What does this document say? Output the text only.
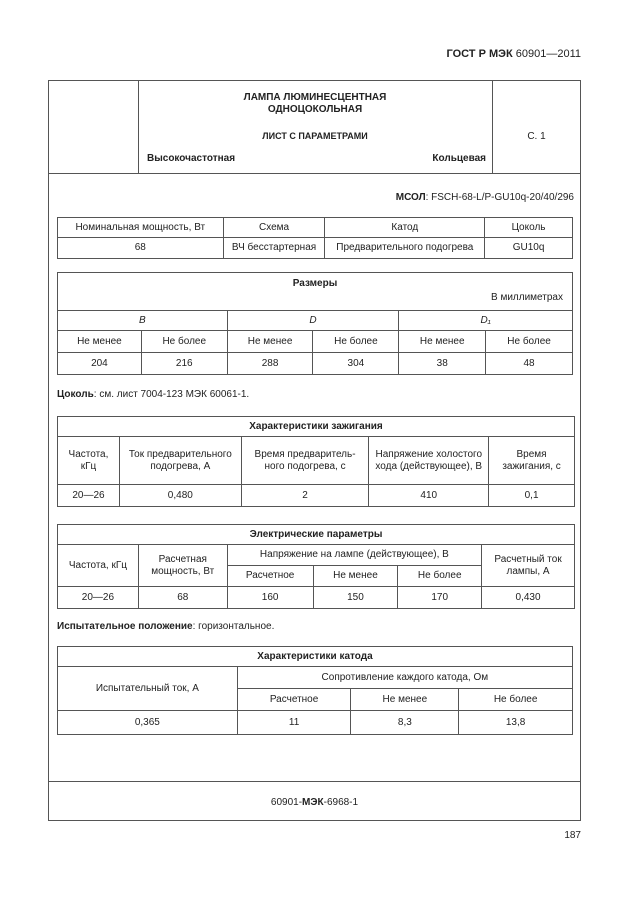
ГОСТ Р МЭК 60901—2011
ЛАМПА ЛЮМИНЕСЦЕНТНАЯ
ОДНОЦОКОЛЬНАЯ
ЛИСТ С ПАРАМЕТРАМИ	С. 1
Высокочастотная	Кольцевая
МСОЛ: FSCH-68-L/P-GU10q-20/40/296
Номинальная мощность, Вт	Схема	Катод	Цоколь
68	ВЧ бесстартерная	Предварительного подогрева	GU10q
Размеры
В миллиметрах					

B		D		D₁	
Не менее	Не более	Не менее	Не более	Не менее	Не более
204	216	288	304	38	48
Цоколь: см. лист 7004-123 МЭК 60061-1.
Характеристики зажигания				
Частота, кГц	Ток предварительного подогрева, А	Время предваритель-ного подогрева, с	Напряжение холостого хода (действующее), В	Время зажигания, с
20—26	0,480	2	410	0,1
Электрические параметры					
Частота, кГц	Расчетная мощность, Вт	Напряжение на лампе (действующее), В			Расчетный ток лампы, А
		Расчетное	Не менее	Не более	
20—26	68	160	150	170	0,430
Испытательное положение: горизонтальное.
Характеристики катода			
Испытательный ток, А	Сопротивление каждого катода, Ом		
	Расчетное	Не менее	Не более
0,365	11	8,3	13,8
60901-МЭК-6968-1
187
